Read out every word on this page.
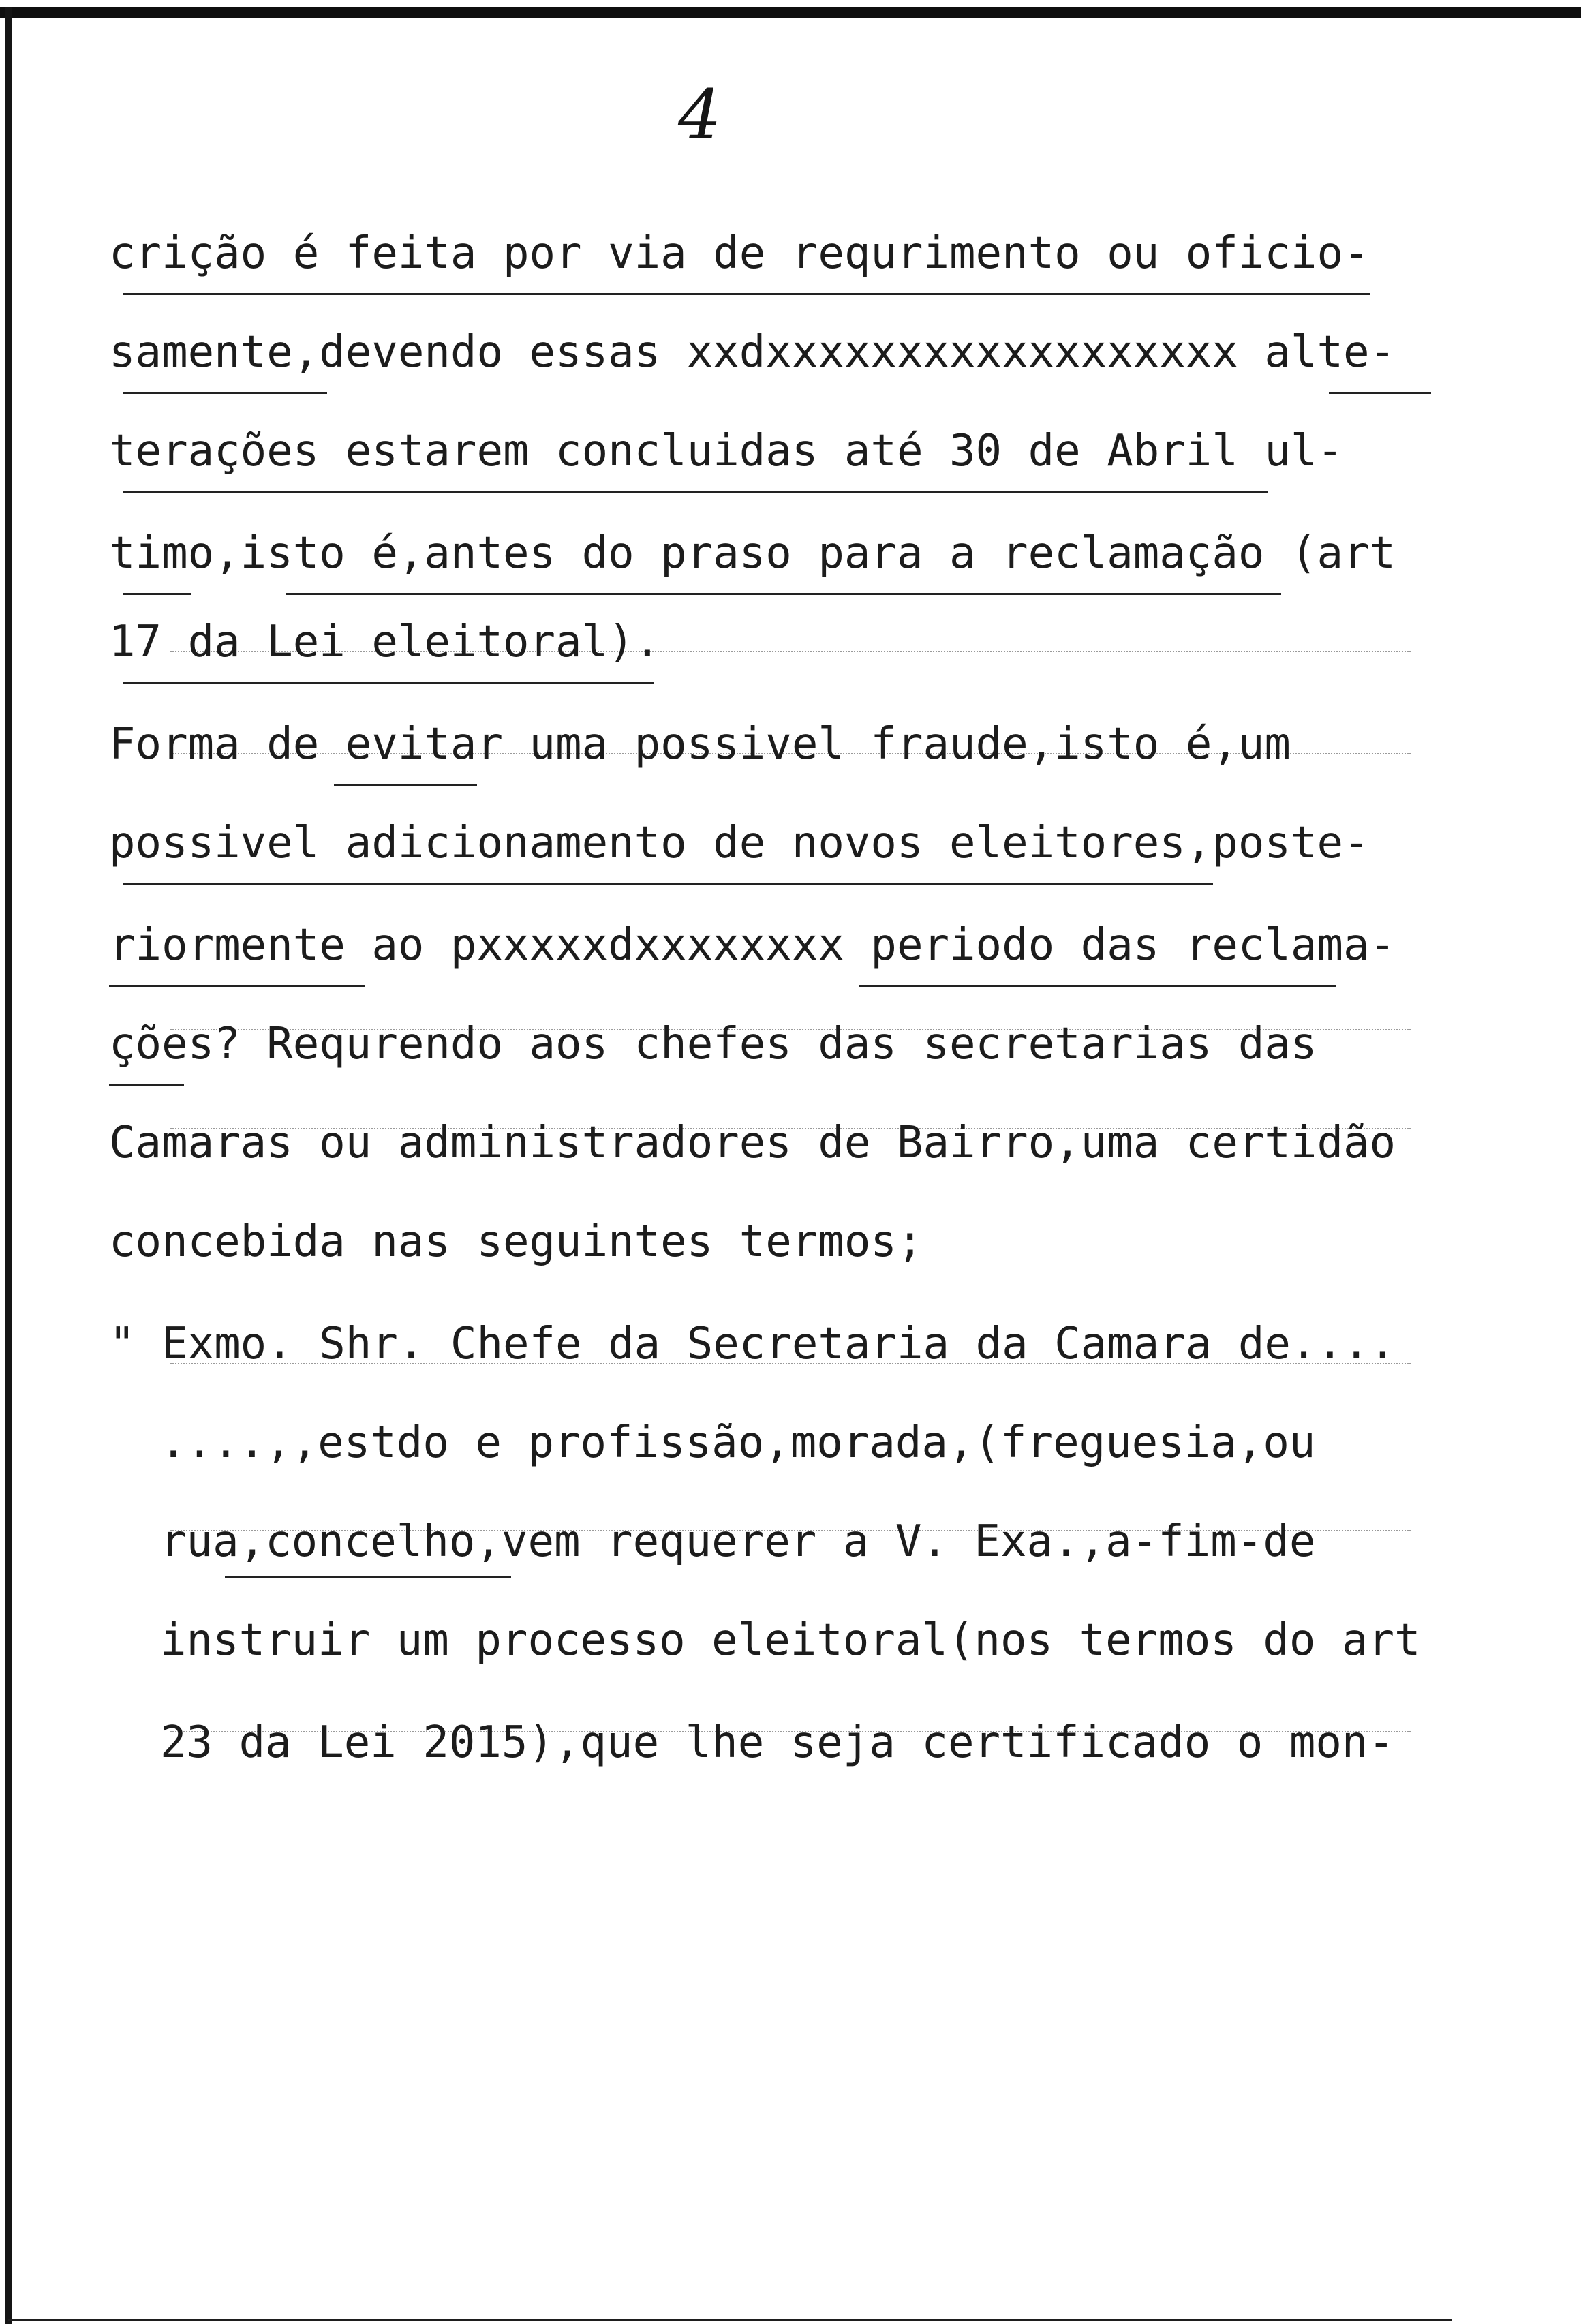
4
crição é feita por via de requrimento ou oficio-
samente,devendo essas xxdxxxxxxxxxxxxxxxxxx alte-
terações estarem concluidas até 30 de Abril ul-
timo,isto é,antes do praso para a reclamação (art
17 da Lei eleitoral).
Forma de evitar uma possivel fraude,isto é,um
possivel adicionamento de novos eleitores,poste-
riormente ao pxxxxxdxxxxxxxx periodo das reclama-
ções? Requrendo aos chefes das secretarias das
Camaras ou administradores de Bairro,uma certidão
concebida nas seguintes termos;
" Exmo. Shr. Chefe da Secretaria da Camara de....
....,,estdo e profissão,morada,(freguesia,ou
rua,concelho,vem requerer a V. Exa.,a-fim-de
instruir um processo eleitoral(nos termos do art
23 da Lei 2015),que lhe seja certificado o mon-
